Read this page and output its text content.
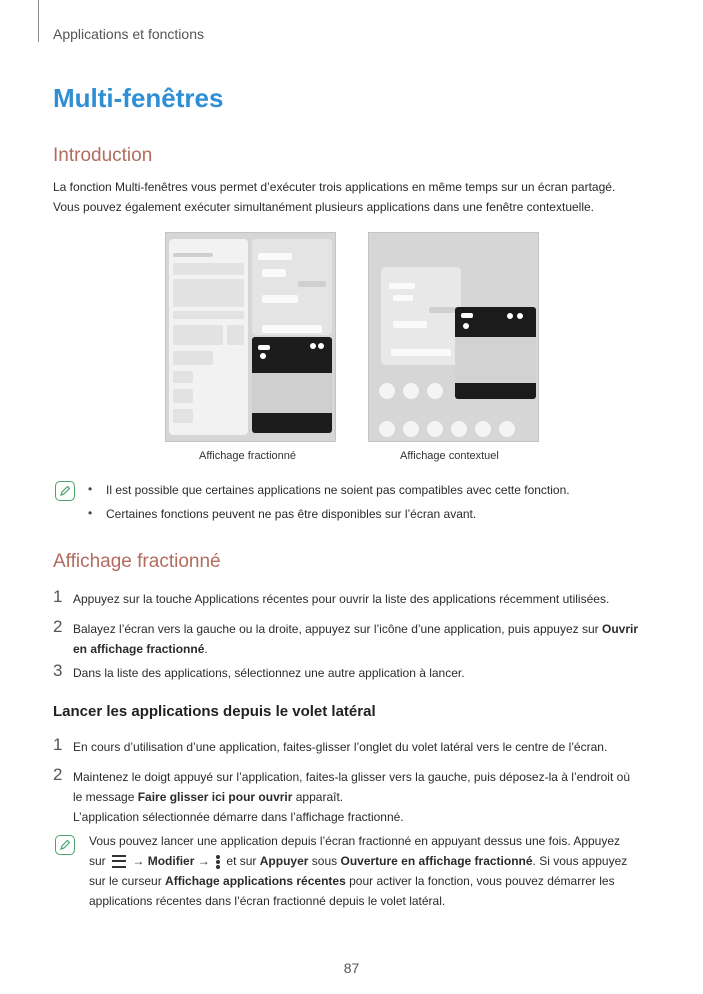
Applications et fonctions
Multi-fenêtres
Introduction
La fonction Multi-fenêtres vous permet d’exécuter trois applications en même temps sur un écran partagé.
Vous pouvez également exécuter simultanément plusieurs applications dans une fenêtre contextuelle.
Affichage fractionné	Affichage contextuel
• Il est possible que certaines applications ne soient pas compatibles avec cette fonction.
• Certaines fonctions peuvent ne pas être disponibles sur l’écran avant.
Affichage fractionné
1 Appuyez sur la touche Applications récentes pour ouvrir la liste des applications récemment utilisées.
2 Balayez l’écran vers la gauche ou la droite, appuyez sur l’icône d’une application, puis appuyez sur Ouvrir
en affichage fractionné.
3 Dans la liste des applications, sélectionnez une autre application à lancer.
Lancer les applications depuis le volet latéral
1 En cours d’utilisation d’une application, faites-glisser l’onglet du volet latéral vers le centre de l’écran.
2 Maintenez le doigt appuyé sur l’application, faites-la glisser vers la gauche, puis déposez-la à l’endroit où
le message Faire glisser ici pour ouvrir apparaît.
L’application sélectionnée démarre dans l’affichage fractionné.
Vous pouvez lancer une application depuis l’écran fractionné en appuyant dessus une fois. Appuyez
sur → Modifier → et sur Appuyer sous Ouverture en affichage fractionné. Si vous appuyez
sur le curseur Affichage applications récentes pour activer la fonction, vous pouvez démarrer les
applications récentes dans l’écran fractionné depuis le volet latéral.
87
